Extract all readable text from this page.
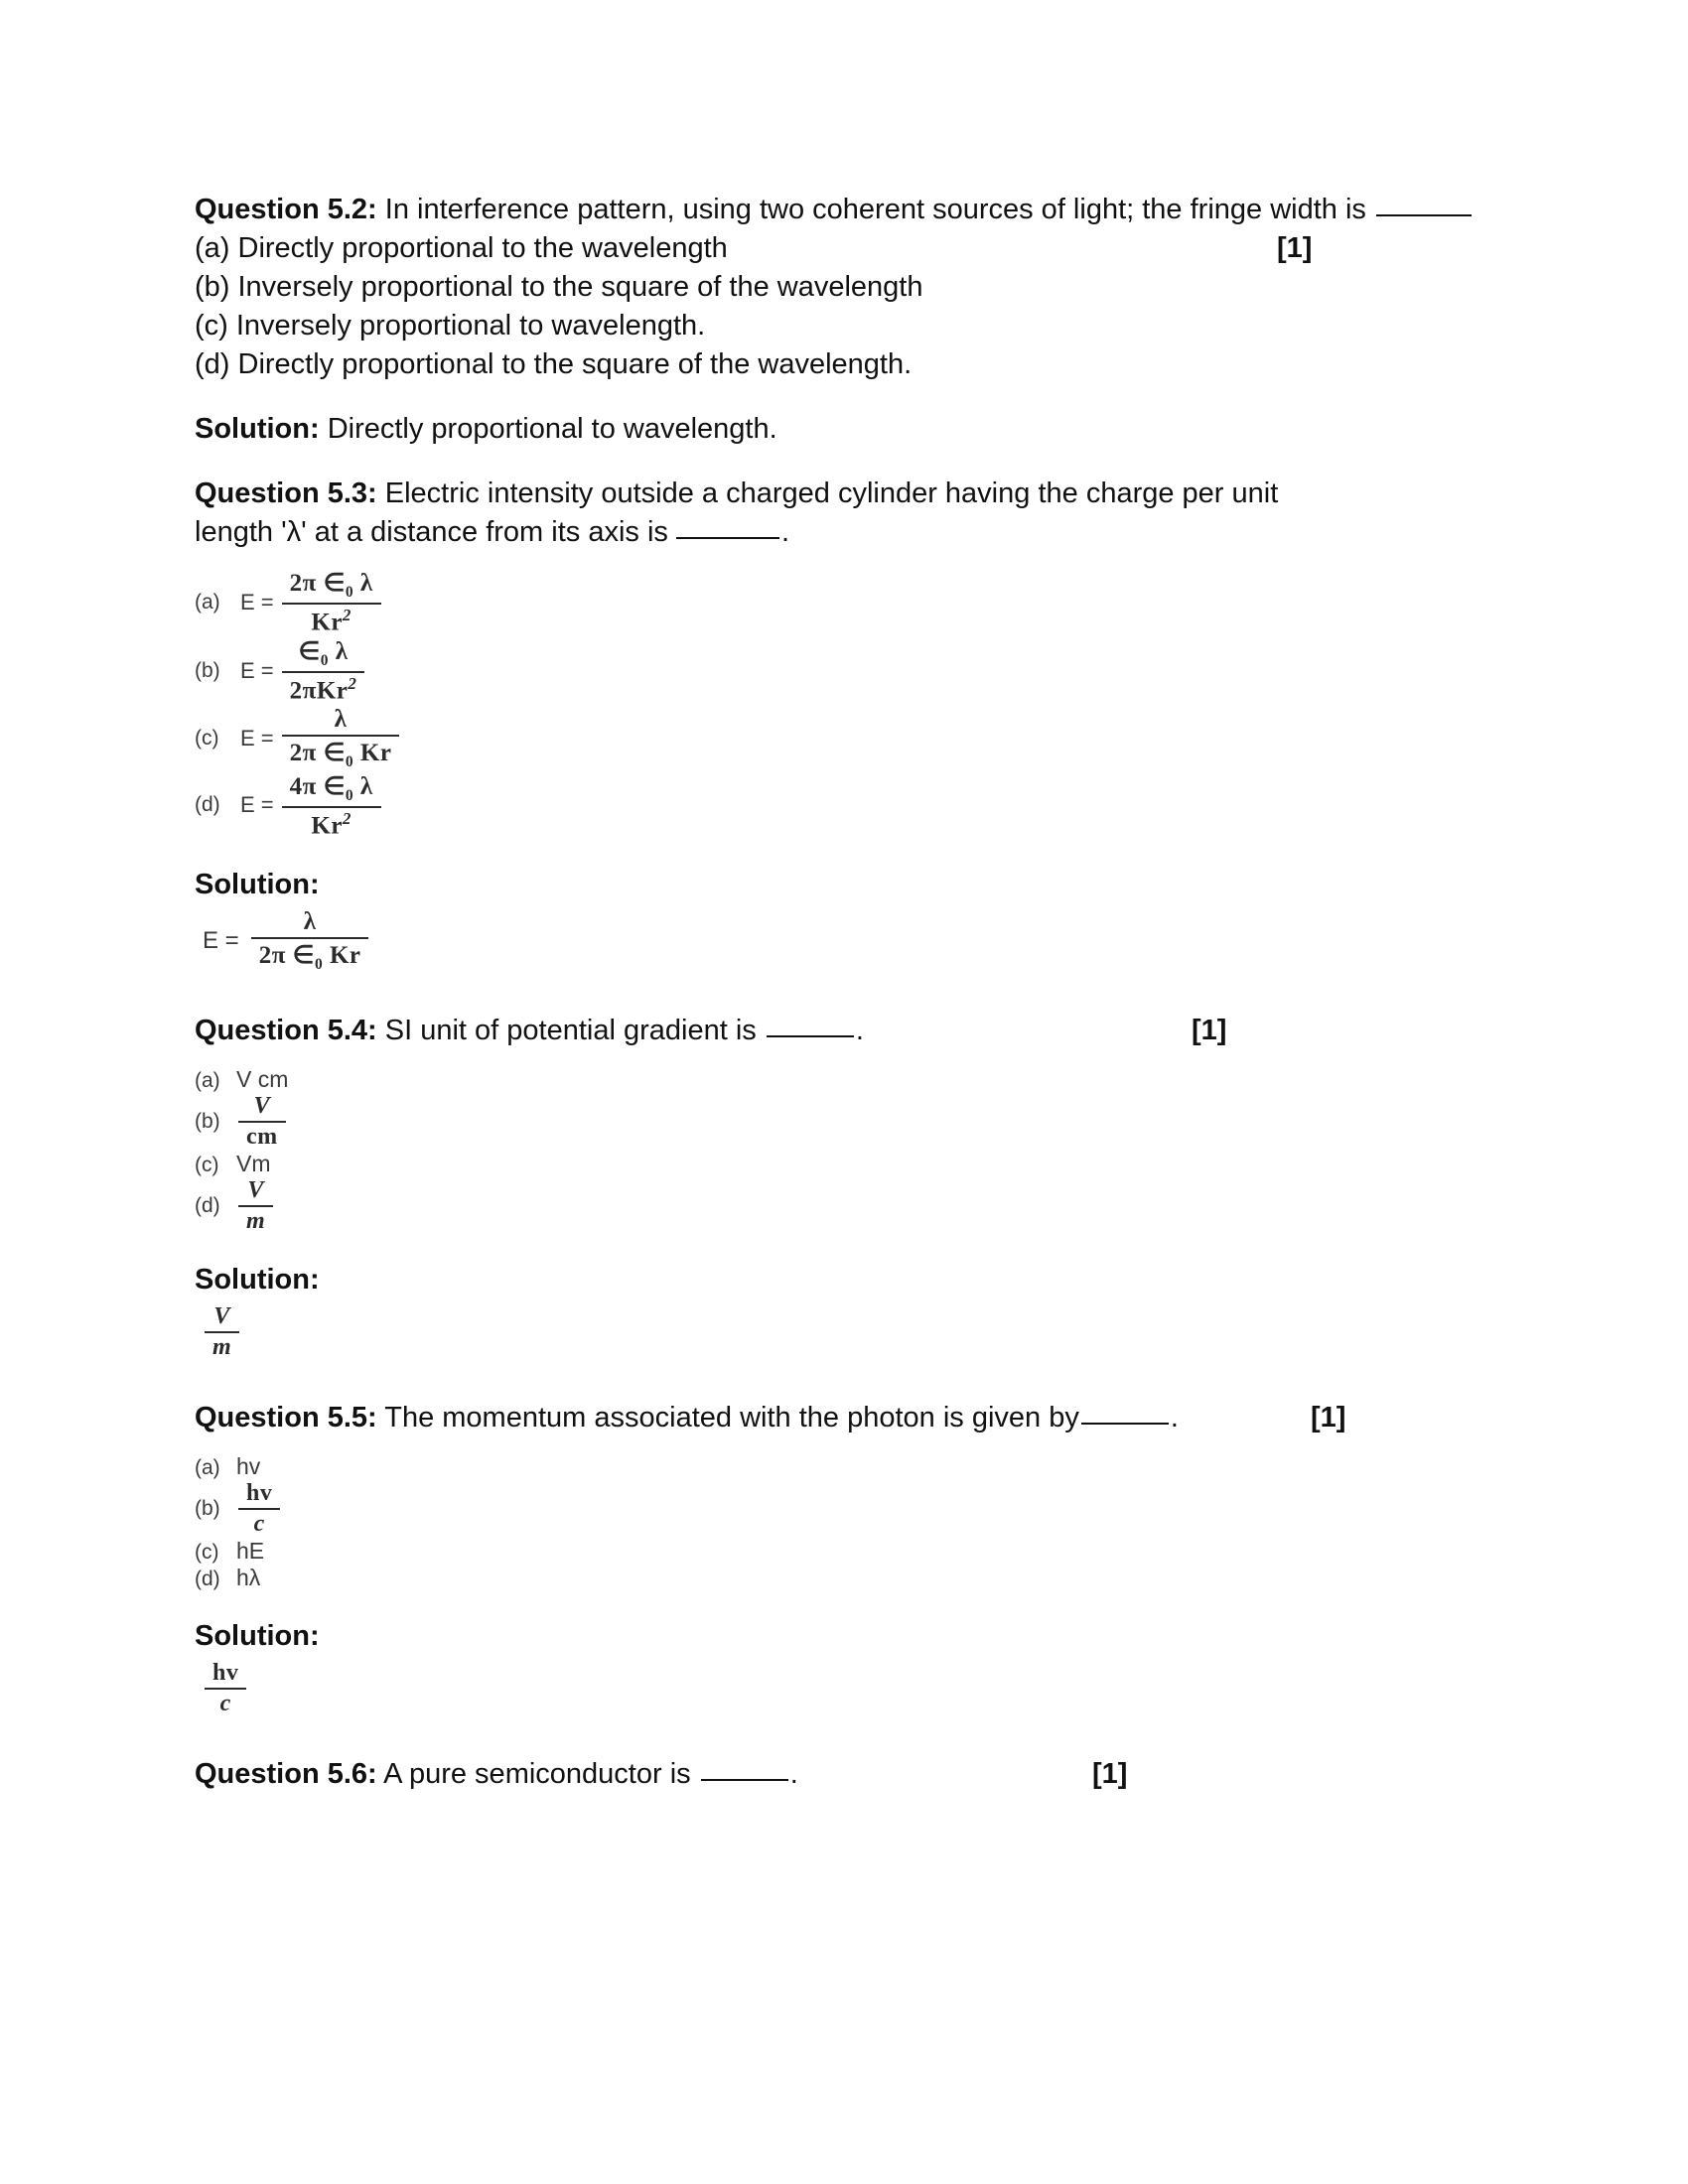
Question 5.2: In interference pattern, using two coherent sources of light; the fringe width is
[1]
(a) Directly proportional to the wavelength
(b) Inversely proportional to the square of the wavelength
(c) Inversely proportional to wavelength.
(d) Directly proportional to the square of the wavelength.
Solution: Directly proportional to wavelength.
Question 5.3: Electric intensity outside a charged cylinder having the charge per unit
length 'λ' at a distance from its axis is	.
(a) $E = \frac{2\pi \in_0 \lambda}{Kr^2}$
(b) $E = \frac{\in_0 \lambda}{2\pi Kr^2}$
(c) $E = \frac{\lambda}{2\pi \in_0 Kr}$
(d) $E = \frac{4\pi \in_0 \lambda}{Kr^2}$
Solution:
$E = \frac{\lambda}{2\pi \in_0 Kr}$
Question 5.4: SI unit of potential gradient is	.	[1]
(a) V cm
$(b) \frac{V}{cm}$
(c) Vm
$(d) \frac{V}{m}$
Solution:
$\frac{V}{m}$
Question 5.5: The momentum associated with the photon is given by	.	[1]
(a) hv
$(b) \frac{hv}{c}$
(c) hE
(d) hλ
Solution:
$\frac{hv}{c}$
Question 5.6: A pure semiconductor is	.	[1]
